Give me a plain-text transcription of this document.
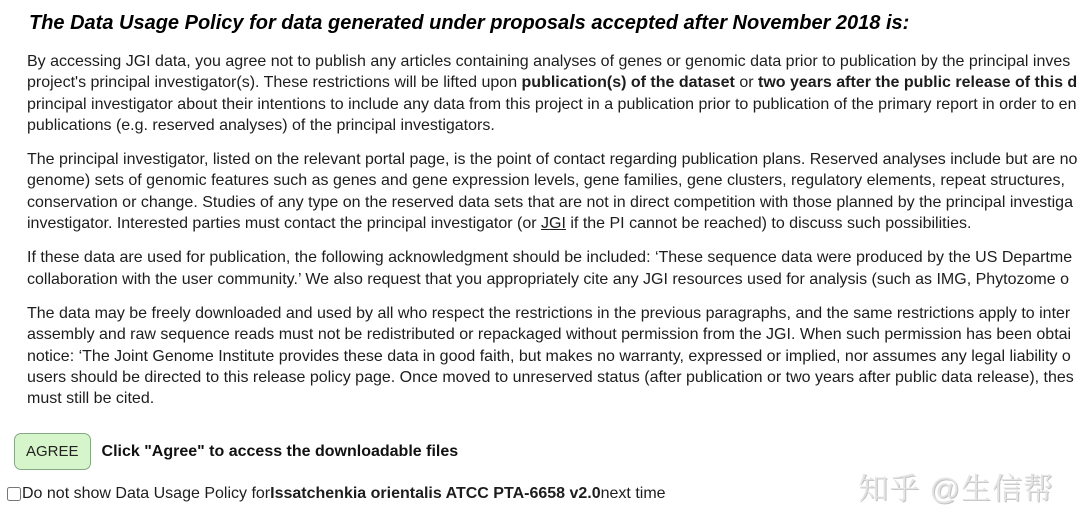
The Data Usage Policy for data generated under proposals accepted after November 2018 is:
By accessing JGI data, you agree not to publish any articles containing analyses of genes or genomic data prior to publication by the principal inves
project's principal investigator(s). These restrictions will be lifted upon publication(s) of the dataset or two years after the public release of this d
principal investigator about their intentions to include any data from this project in a publication prior to publication of the primary report in order to en
publications (e.g. reserved analyses) of the principal investigators.
The principal investigator, listed on the relevant portal page, is the point of contact regarding publication plans. Reserved analyses include but are no
genome) sets of genomic features such as genes and gene expression levels, gene families, gene clusters, regulatory elements, repeat structures,
conservation or change. Studies of any type on the reserved data sets that are not in direct competition with those planned by the principal investiga
investigator. Interested parties must contact the principal investigator (or JGI if the PI cannot be reached) to discuss such possibilities.
If these data are used for publication, the following acknowledgment should be included: ‘These sequence data were produced by the US Departme
collaboration with the user community.’ We also request that you appropriately cite any JGI resources used for analysis (such as IMG, Phytozome o
The data may be freely downloaded and used by all who respect the restrictions in the previous paragraphs, and the same restrictions apply to inter
assembly and raw sequence reads must not be redistributed or repackaged without permission from the JGI. When such permission has been obtai
notice: ‘The Joint Genome Institute provides these data in good faith, but makes no warranty, expressed or implied, nor assumes any legal liability o
users should be directed to this release policy page. Once moved to unreserved status (after publication or two years after public data release), thes
must still be cited.
AGREE	Click "Agree" to access the downloadable files
Do not show Data Usage Policy for Issatchenkia orientalis ATCC PTA-6658 v2.0 next time	知乎 @生信帮
